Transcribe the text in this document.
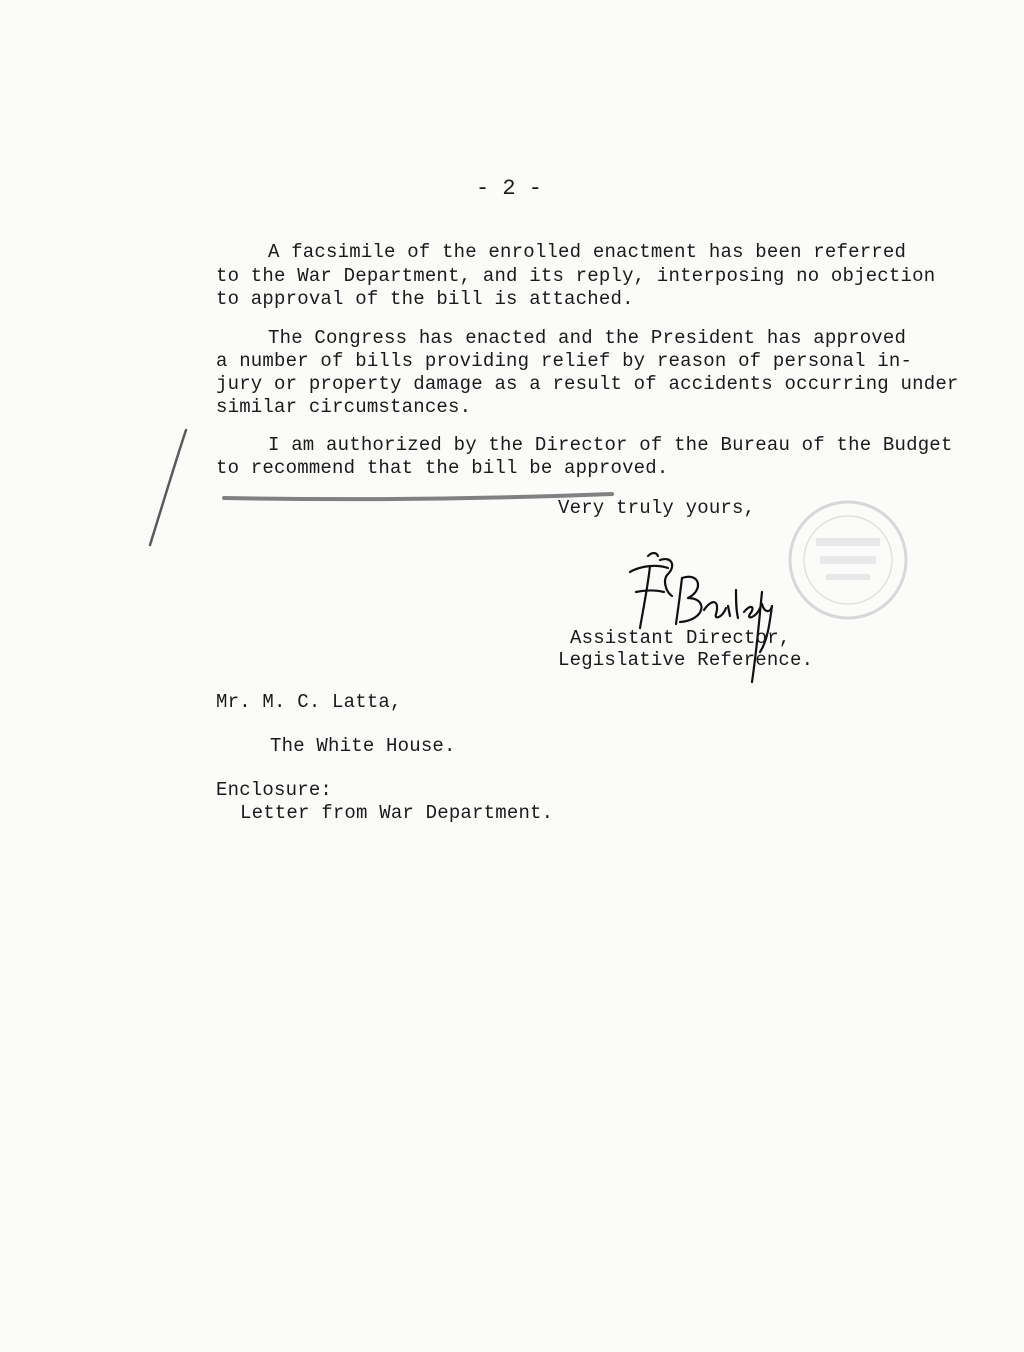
- 2 -
A facsimile of the enrolled enactment has been referred
to the War Department, and its reply, interposing no objection
to approval of the bill is attached.
The Congress has enacted and the President has approved
a number of bills providing relief by reason of personal in-
jury or property damage as a result of accidents occurring under
similar circumstances.
I am authorized by the Director of the Bureau of the Budget
to recommend that the bill be approved.
Very truly yours,
Assistant Director,
Legislative Reference.
Mr. M. C. Latta,
The White House.
Enclosure:
Letter from War Department.
